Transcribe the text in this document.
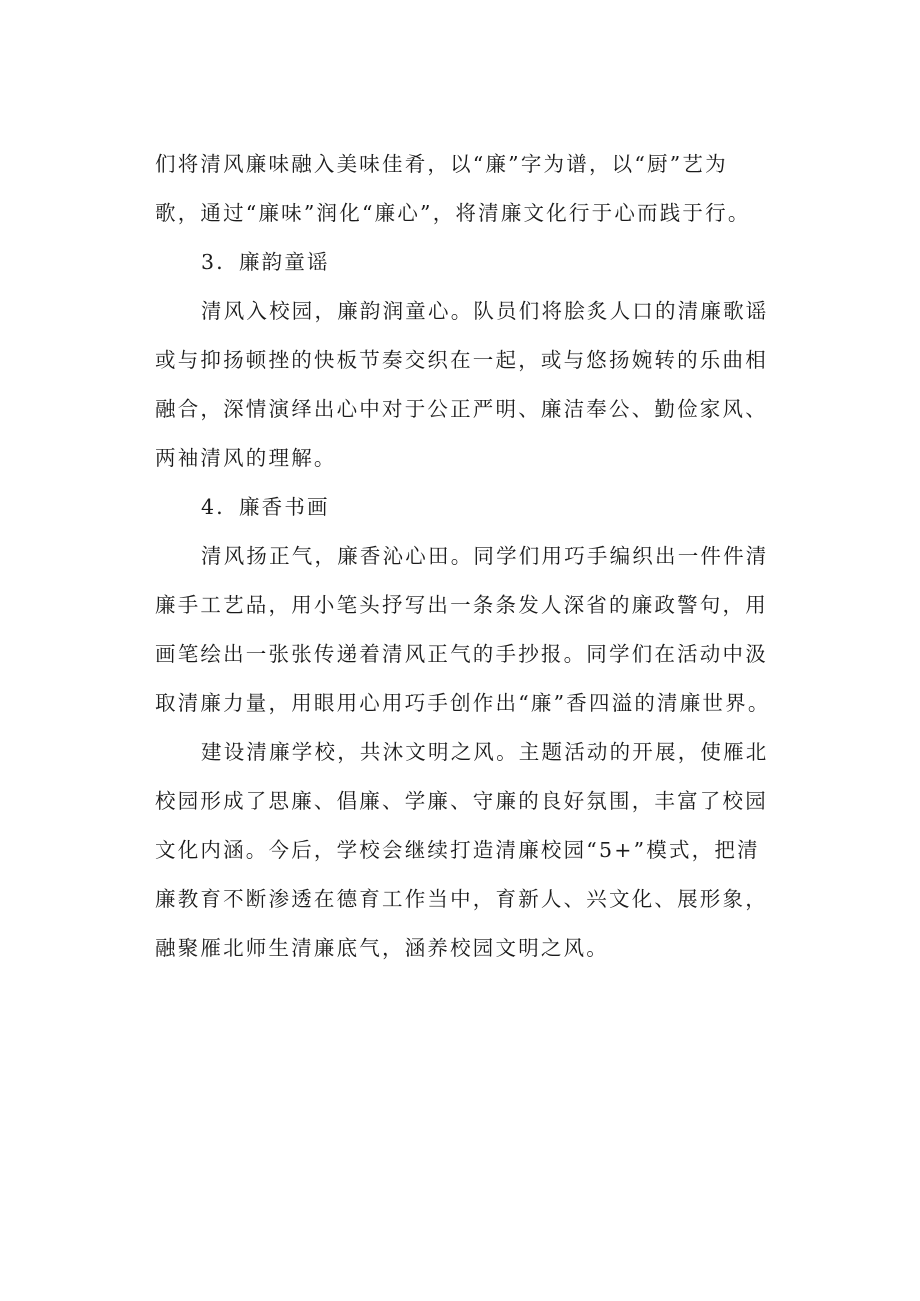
们将清风廉味融入美味佳肴，以“廉”字为谱，以“厨”艺为
歌，通过“廉味”润化“廉心”，将清廉文化行于心而践于行。
3．廉韵童谣
清风入校园，廉韵润童心。队员们将脍炙人口的清廉歌谣
或与抑扬顿挫的快板节奏交织在一起，或与悠扬婉转的乐曲相
融合，深情演绎出心中对于公正严明、廉洁奉公、勤俭家风、
两袖清风的理解。
4．廉香书画
清风扬正气，廉香沁心田。同学们用巧手编织出一件件清
廉手工艺品，用小笔头抒写出一条条发人深省的廉政警句，用
画笔绘出一张张传递着清风正气的手抄报。同学们在活动中汲
取清廉力量，用眼用心用巧手创作出“廉”香四溢的清廉世界。
建设清廉学校，共沐文明之风。主题活动的开展，使雁北
校园形成了思廉、倡廉、学廉、守廉的良好氛围，丰富了校园
文化内涵。今后，学校会继续打造清廉校园“5+”模式，把清
廉教育不断渗透在德育工作当中，育新人、兴文化、展形象，
融聚雁北师生清廉底气，涵养校园文明之风。
